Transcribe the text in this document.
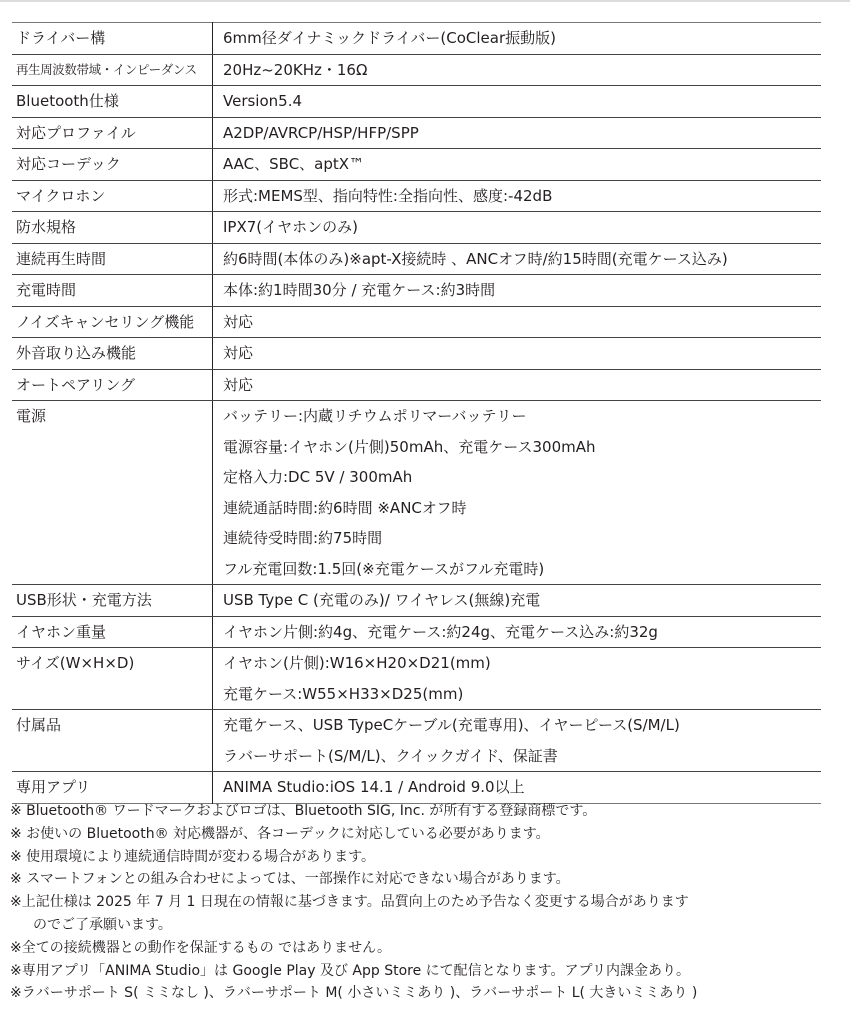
ドライバー構	6mm径ダイナミックドライバー(CoClear振動版)

再生周波数帯域・インピーダンス	20Hz~20KHz・16Ω

Bluetooth仕様	Version5.4

対応プロファイル	A2DP/AVRCP/HSP/HFP/SPP

対応コーデック	AAC、SBC、aptX™

マイクロホン	形式:MEMS型、指向特性:全指向性、感度:-42dB

防水規格	IPX7(イヤホンのみ)

連続再生時間	約6時間(本体のみ)※apt-X接続時 、ANCオフ時/約15時間(充電ケース込み)

充電時間	本体:約1時間30分 / 充電ケース:約3時間

ノイズキャンセリング機能	対応

外音取り込み機能	対応

オートペアリング	対応

電源	バッテリー:内蔵リチウムポリマーバッテリー
電源容量:イヤホン(片側)50mAh、充電ケース300mAh
定格入力:DC 5V / 300mAh
連続通話時間:約6時間 ※ANCオフ時
連続待受時間:約75時間
フル充電回数:1.5回(※充電ケースがフル充電時)

USB形状・充電方法	USB Type C (充電のみ)/ ワイヤレス(無線)充電

イヤホン重量	イヤホン片側:約4g、充電ケース:約24g、充電ケース込み:約32g

サイズ(W×H×D)	イヤホン(片側):W16×H20×D21(mm)
充電ケース:W55×H33×D25(mm)

付属品	充電ケース、USB TypeCケーブル(充電専用)、イヤーピース(S/M/L)
ラバーサポート(S/M/L)、クイックガイド、保証書

専用アプリ	ANIMA Studio:iOS 14.1 / Android 9.0以上
※ Bluetooth® ワードマークおよびロゴは、Bluetooth SIG, Inc. が所有する登録商標です。
※ お使いの Bluetooth® 対応機器が、各コーデックに対応している必要があります。
※ 使用環境により連続通信時間が変わる場合があります。
※ スマートフォンとの組み合わせによっては、一部操作に対応できない場合があります。
※上記仕様は 2025 年 7 月 1 日現在の情報に基づきます。品質向上のため予告なく変更する場合があります
のでご了承願います。
※全ての接続機器との動作を保証するもの ではありません。
※専用アプリ「ANIMA Studio」は Google Play 及び App Store にて配信となります。アプリ内課金あり。
※ラバーサポート S( ミミなし )、ラバーサポート M( 小さいミミあり )、ラバーサポート L( 大きいミミあり )
